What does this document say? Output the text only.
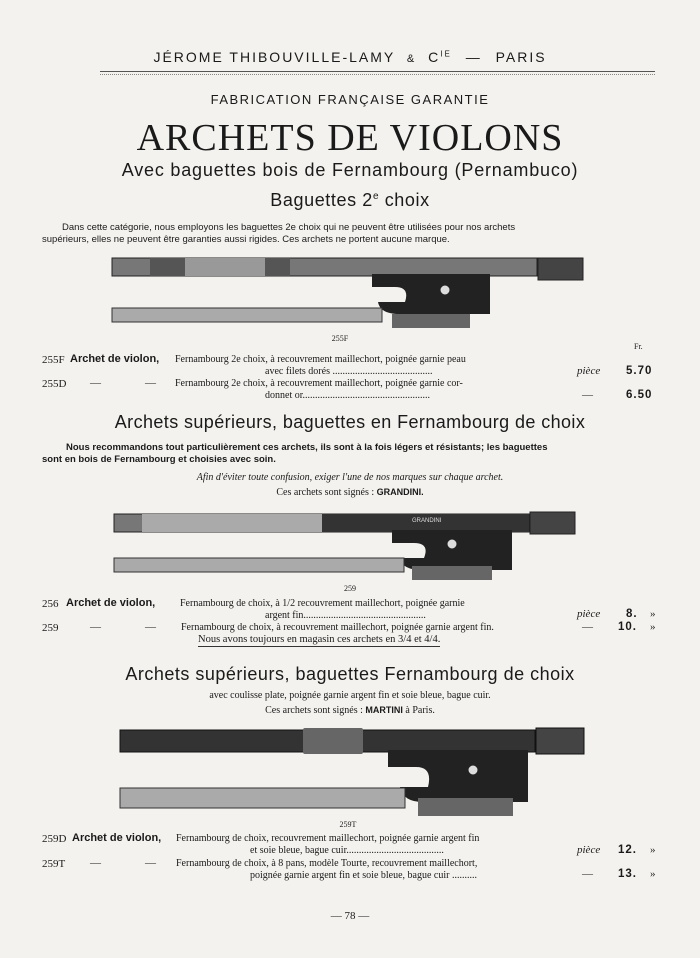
JÉROME THIBOUVILLE-LAMY & $C^{IE}$ — PARIS
FABRICATION FRANÇAISE GARANTIE
ARCHETS DE VIOLONS
Avec baguettes bois de Fernambourg (Pernambuco)
Baguettes 2e choix
Dans cette catégorie, nous employons les baguettes 2e choix qui ne peuvent être utilisées pour nos archets
supérieurs, elles ne peuvent être garanties aussi rigides. Ces archets ne portent aucune marque.
255F
Fr.
255F Archet de violon, Fernambourg 2e choix, à recouvrement maillechort, poignée garnie peau
avec filets dorés ........................................	pièce 5.70
255D —	— Fernambourg 2e choix, à recouvrement maillechort, poignée garnie cor-
donnet or...................................................	—	6.50
Archets supérieurs, baguettes en Fernambourg de choix
Nous recommandons tout particulièrement ces archets, ils sont à la fois légers et résistants; les baguettes
sont en bois de Fernambourg et choisies avec soin.
Afin d'éviter toute confusion, exiger l'une de nos marques sur chaque archet.
Ces archets sont signés : GRANDINI.
GRANDINI
259
256 Archet de violon, Fernambourg de choix, à 1/2 recouvrement maillechort, poignée garnie
argent fin.................................................	pièce 8. »
259	—	—	Fernambourg de choix, à recouvrement maillechort, poignée garnie argent fin.	— 10. »
Nous avons toujours en magasin ces archets en 3/4 et 4/4.
Archets supérieurs, baguettes Fernambourg de choix
avec coulisse plate, poignée garnie argent fin et soie bleue, bague cuir.
Ces archets sont signés : MARTINI à Paris.
259T
259D Archet de violon, Fernambourg de choix, recouvrement maillechort, poignée garnie argent fin
et soie bleue, bague cuir.......................................	pièce 12. »
259T —	— Fernambourg de choix, à 8 pans, modèle Tourte, recouvrement maillechort,
poignée garnie argent fin et soie bleue, bague cuir ..........	— 13. »
— 78 —
